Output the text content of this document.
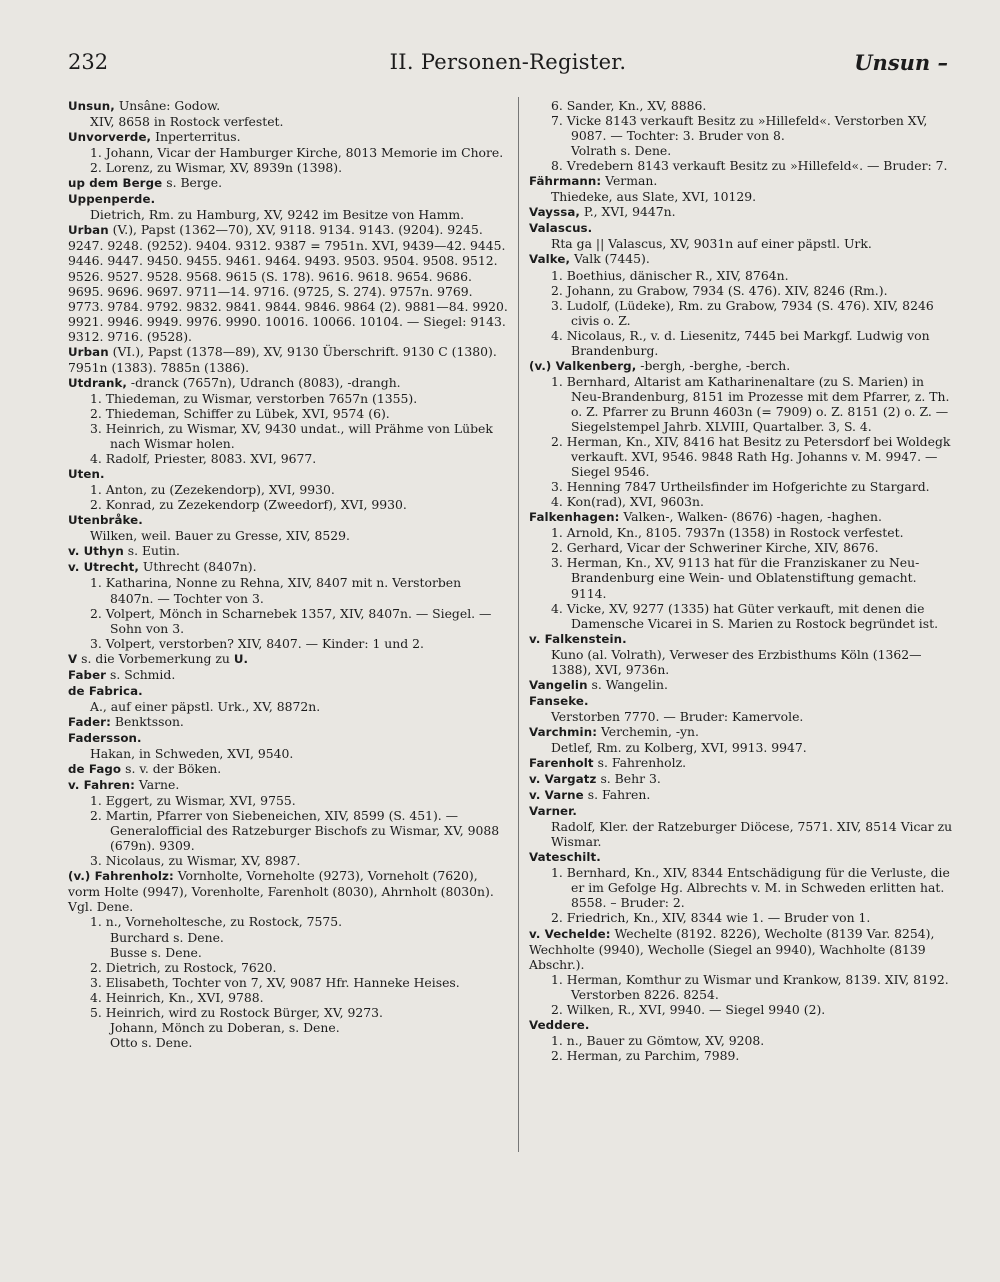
232	II. Personen-Register.	Unsun –
Unsun, Unsâne: Godow.
XIV, 8658 in Rostock verfestet.
Unvorverde, Inperterritus.
1. Johann, Vicar der Hamburger Kirche, 8013 Memorie im Chore.
2. Lorenz, zu Wismar, XV, 8939n (1398).
up dem Berge s. Berge.
Uppenperde.
Dietrich, Rm. zu Hamburg, XV, 9242 im Besitze von Hamm.
Urban (V.), Papst (1362—70), XV, 9118. 9134. 9143. (9204). 9245. 9247. 9248. (9252). 9404. 9312. 9387 = 7951n. XVI, 9439—42. 9445. 9446. 9447. 9450. 9455. 9461. 9464. 9493. 9503. 9504. 9508. 9512. 9526. 9527. 9528. 9568. 9615 (S. 178). 9616. 9618. 9654. 9686. 9695. 9696. 9697. 9711—14. 9716. (9725, S. 274). 9757n. 9769. 9773. 9784. 9792. 9832. 9841. 9844. 9846. 9864 (2). 9881—84. 9920. 9921. 9946. 9949. 9976. 9990. 10016. 10066. 10104. — Siegel: 9143. 9312. 9716. (9528).
Urban (VI.), Papst (1378—89), XV, 9130 Überschrift. 9130 C (1380). 7951n (1383). 7885n (1386).
Utdrank, -dranck (7657n), Udranch (8083), -drangh.
1. Thiedeman, zu Wismar, verstorben 7657n (1355).
2. Thiedeman, Schiffer zu Lübek, XVI, 9574 (6).
3. Heinrich, zu Wismar, XV, 9430 undat., will Prähme von Lübek nach Wismar holen.
4. Radolf, Priester, 8083. XVI, 9677.
Uten.
1. Anton, zu (Zezekendorp), XVI, 9930.
2. Konrad, zu Zezekendorp (Zweedorf), XVI, 9930.
Utenbråke.
Wilken, weil. Bauer zu Gresse, XIV, 8529.
v. Uthyn s. Eutin.
v. Utrecht, Uthrecht (8407n).
1. Katharina, Nonne zu Rehna, XIV, 8407 mit n. Verstorben 8407n. — Tochter von 3.
2. Volpert, Mönch in Scharnebek 1357, XIV, 8407n. — Siegel. — Sohn von 3.
3. Volpert, verstorben? XIV, 8407. — Kinder: 1 und 2.
V s. die Vorbemerkung zu U.
Faber s. Schmid.
de Fabrica.
A., auf einer päpstl. Urk., XV, 8872n.
Fader: Benktsson.
Fadersson.
Hakan, in Schweden, XVI, 9540.
de Fago s. v. der Böken.
v. Fahren: Varne.
1. Eggert, zu Wismar, XVI, 9755.
2. Martin, Pfarrer von Siebeneichen, XIV, 8599 (S. 451). — Generalofficial des Ratzeburger Bischofs zu Wismar, XV, 9088 (679n). 9309.
3. Nicolaus, zu Wismar, XV, 8987.
(v.) Fahrenholz: Vornholte, Vorneholte (9273), Vorneholt (7620), vorm Holte (9947), Vorenholte, Farenholt (8030), Ahrnholt (8030n). Vgl. Dene.
1. n., Vorneholtesche, zu Rostock, 7575.
Burchard s. Dene.
Busse s. Dene.
2. Dietrich, zu Rostock, 7620.
3. Elisabeth, Tochter von 7, XV, 9087 Hfr. Hanneke Heises.
4. Heinrich, Kn., XVI, 9788.
5. Heinrich, wird zu Rostock Bürger, XV, 9273.
Johann, Mönch zu Doberan, s. Dene.
Otto s. Dene.
6. Sander, Kn., XV, 8886.
7. Vicke 8143 verkauft Besitz zu »Hillefeld«. Verstorben XV, 9087. — Tochter: 3. Bruder von 8.
Volrath s. Dene.
8. Vredebern 8143 verkauft Besitz zu »Hillefeld«. — Bruder: 7.
Fährmann: Verman.
Thiedeke, aus Slate, XVI, 10129.
Vayssa, P., XVI, 9447n.
Valascus.
Rta ga || Valascus, XV, 9031n auf einer päpstl. Urk.
Valke, Valk (7445).
1. Boethius, dänischer R., XIV, 8764n.
2. Johann, zu Grabow, 7934 (S. 476). XIV, 8246 (Rm.).
3. Ludolf, (Lüdeke), Rm. zu Grabow, 7934 (S. 476). XIV, 8246 civis o. Z.
4. Nicolaus, R., v. d. Liesenitz, 7445 bei Markgf. Ludwig von Brandenburg.
(v.) Valkenberg, -bergh, -berghe, -berch.
1. Bernhard, Altarist am Katharinenaltare (zu S. Marien) in Neu-Brandenburg, 8151 im Prozesse mit dem Pfarrer, z. Th. o. Z. Pfarrer zu Brunn 4603n (= 7909) o. Z. 8151 (2) o. Z. — Siegelstempel Jahrb. XLVIII, Quartalber. 3, S. 4.
2. Herman, Kn., XIV, 8416 hat Besitz zu Petersdorf bei Woldegk verkauft. XVI, 9546. 9848 Rath Hg. Johanns v. M. 9947. — Siegel 9546.
3. Henning 7847 Urtheilsfinder im Hofgerichte zu Stargard.
4. Kon(rad), XVI, 9603n.
Falkenhagen: Valken-, Walken- (8676) -hagen, -haghen.
1. Arnold, Kn., 8105. 7937n (1358) in Rostock verfestet.
2. Gerhard, Vicar der Schweriner Kirche, XIV, 8676.
3. Herman, Kn., XV, 9113 hat für die Franziskaner zu Neu-Brandenburg eine Wein- und Oblatenstiftung gemacht. 9114.
4. Vicke, XV, 9277 (1335) hat Güter verkauft, mit denen die Damensche Vicarei in S. Marien zu Rostock begründet ist.
v. Falkenstein.
Kuno (al. Volrath), Verweser des Erzbisthums Köln (1362—1388), XVI, 9736n.
Vangelin s. Wangelin.
Fanseke.
Verstorben 7770. — Bruder: Kamervole.
Varchmin: Verchemin, -yn.
Detlef, Rm. zu Kolberg, XVI, 9913. 9947.
Farenholt s. Fahrenholz.
v. Vargatz s. Behr 3.
v. Varne s. Fahren.
Varner.
Radolf, Kler. der Ratzeburger Diöcese, 7571. XIV, 8514 Vicar zu Wismar.
Vateschilt.
1. Bernhard, Kn., XIV, 8344 Entschädigung für die Verluste, die er im Gefolge Hg. Albrechts v. M. in Schweden erlitten hat. 8558. – Bruder: 2.
2. Friedrich, Kn., XIV, 8344 wie 1. — Bruder von 1.
v. Vechelde: Wechelte (8192. 8226), Wecholte (8139 Var. 8254), Wechholte (9940), Wecholle (Siegel an 9940), Wachholte (8139 Abschr.).
1. Herman, Komthur zu Wismar und Krankow, 8139. XIV, 8192. Verstorben 8226. 8254.
2. Wilken, R., XVI, 9940. — Siegel 9940 (2).
Veddere.
1. n., Bauer zu Gömtow, XV, 9208.
2. Herman, zu Parchim, 7989.
